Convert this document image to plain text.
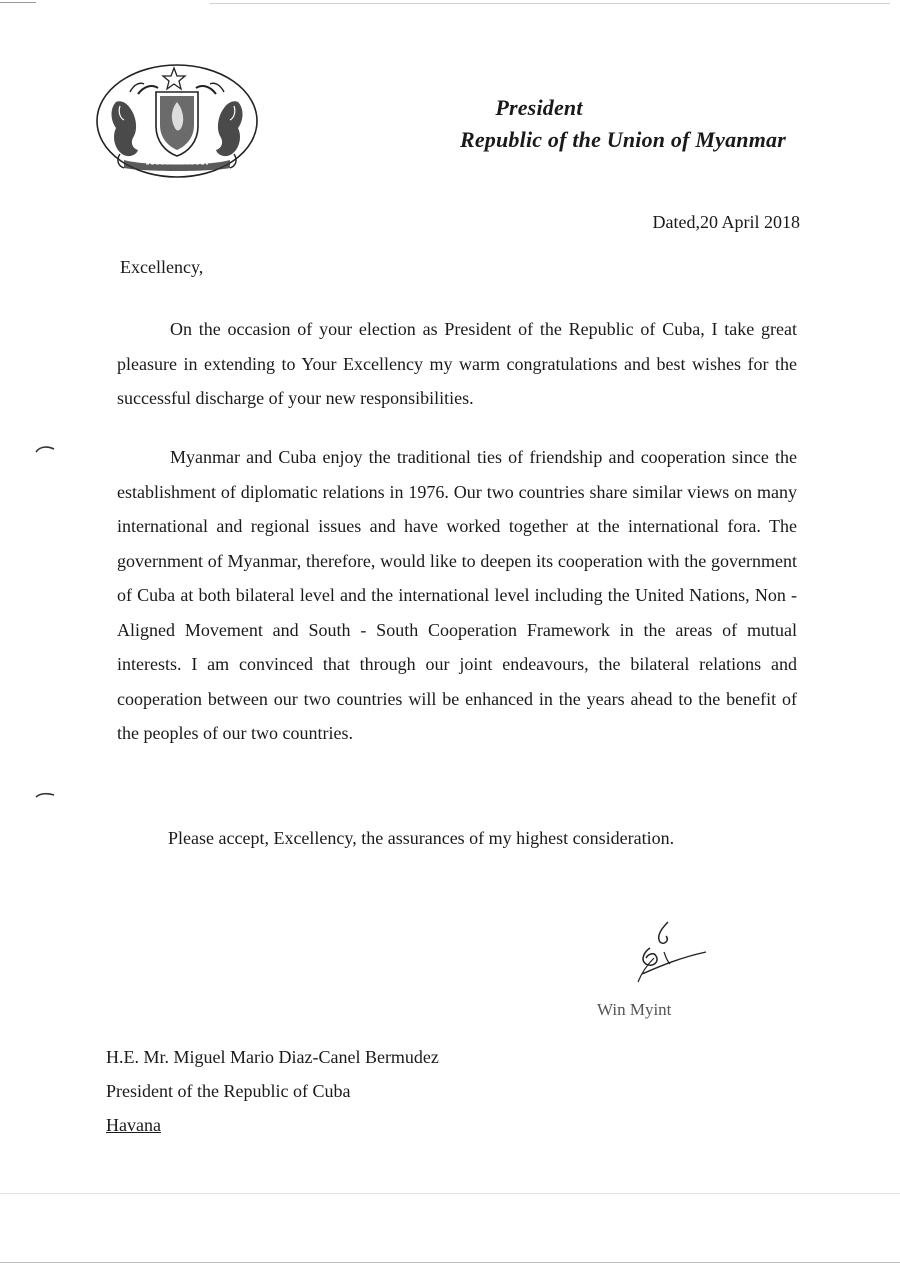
President
Republic of the Union of Myanmar
Dated,20 April 2018
Excellency,

On the occasion of your election as President of the Republic of Cuba, I take great pleasure in extending to Your Excellency my warm congratulations and best wishes for the successful discharge of your new responsibilities.

Myanmar and Cuba enjoy the traditional ties of friendship and cooperation since the establishment of diplomatic relations in 1976. Our two countries share similar views on many international and regional issues and have worked together at the international fora. The government of Myanmar, therefore, would like to deepen its cooperation with the government of Cuba at both bilateral level and the international level including the United Nations, Non - Aligned Movement and South - South Cooperation Framework in the areas of mutual interests. I am convinced that through our joint endeavours, the bilateral relations and cooperation between our two countries will be enhanced in the years ahead to the benefit of the peoples of our two countries.

Please accept, Excellency, the assurances of my highest consideration.
Win Myint
H.E. Mr. Miguel Mario Diaz-Canel Bermudez
President of the Republic of Cuba
Havana
